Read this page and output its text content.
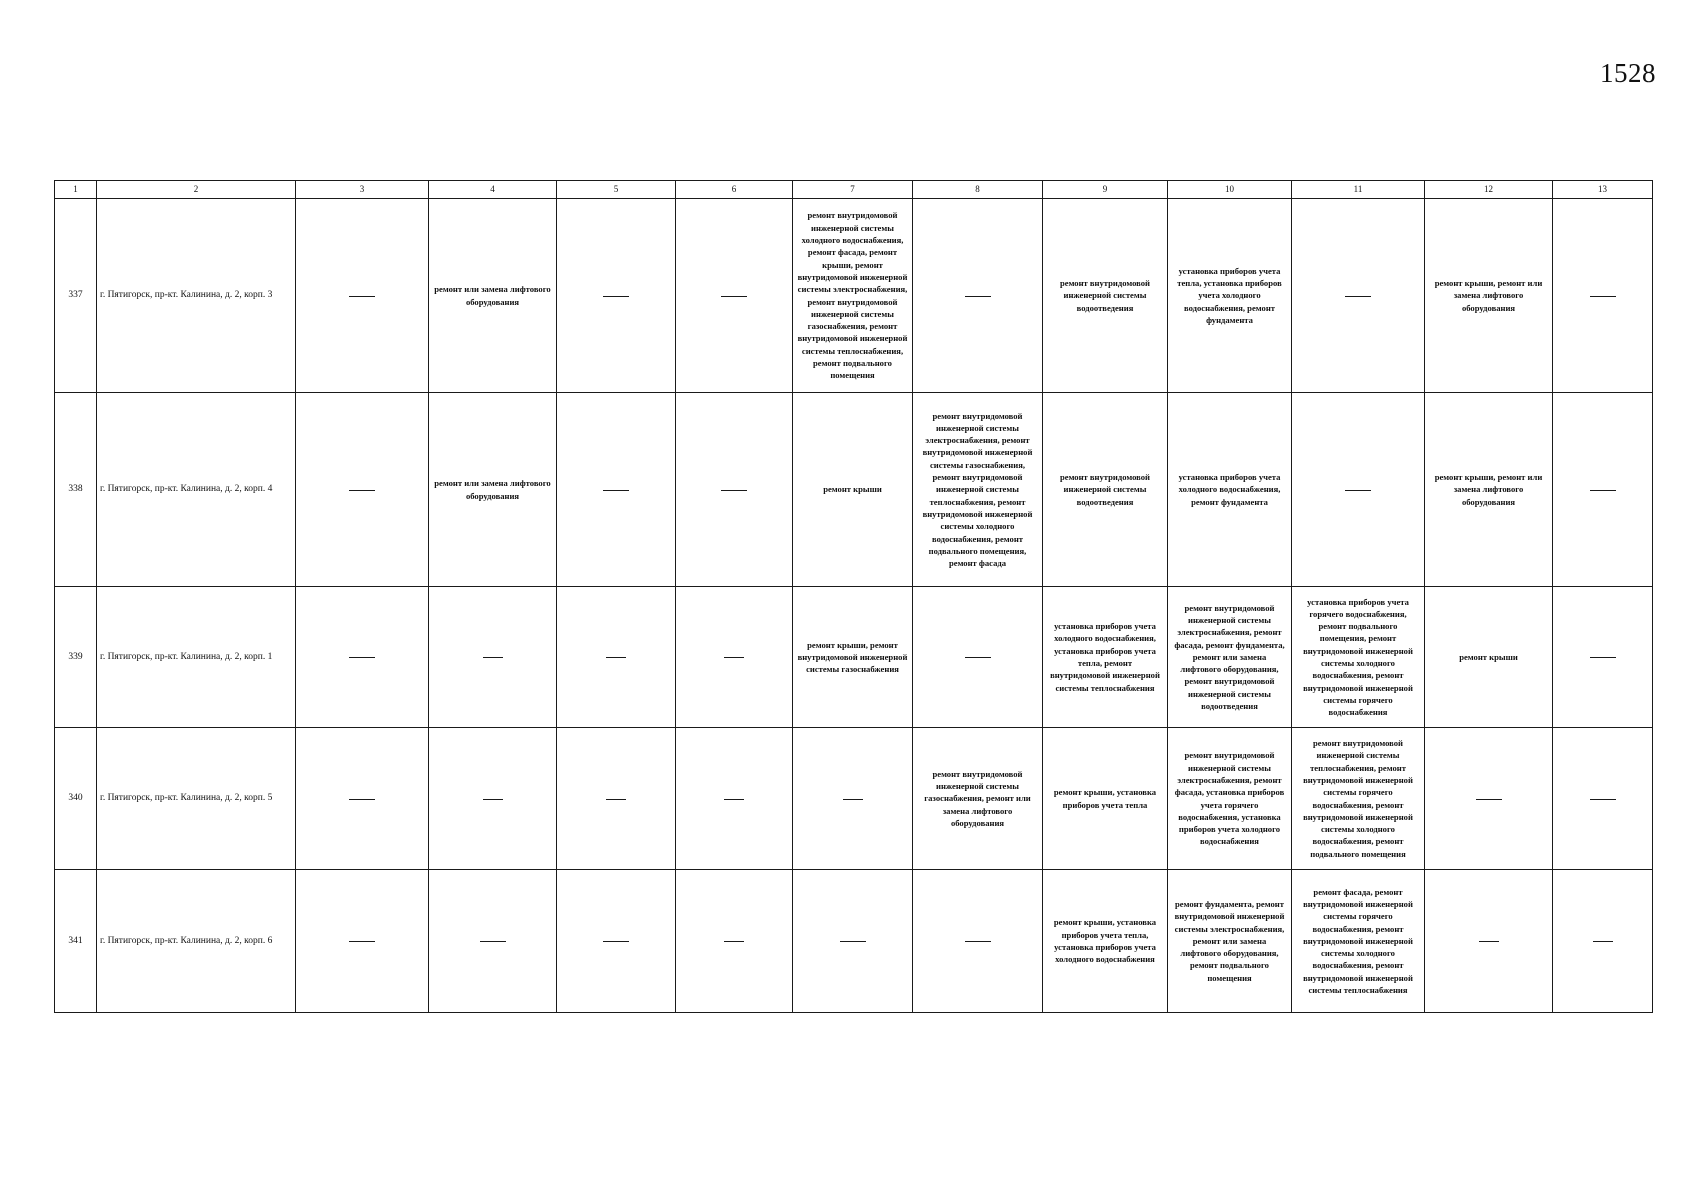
1528
1	2	3	4	5	6	7	8	9	10	11	12	13
337	г. Пятигорск, пр-кт. Калинина, д. 2, корп. 3		ремонт или замена лифтового оборудования			ремонт внутридомовой инженерной системы холодного водоснабжения, ремонт фасада, ремонт крыши, ремонт внутридомовой инженерной системы электроснабжения, ремонт внутридомовой инженерной системы газоснабжения, ремонт внутридомовой инженерной системы теплоснабжения, ремонт подвального помещения		ремонт внутридомовой инженерной системы водоотведения	установка приборов учета тепла, установка приборов учета холодного водоснабжения, ремонт фундамента		ремонт крыши, ремонт или замена лифтового оборудования	
338	г. Пятигорск, пр-кт. Калинина, д. 2, корп. 4		ремонт или замена лифтового оборудования			ремонт крыши	ремонт внутридомовой инженерной системы электроснабжения, ремонт внутридомовой инженерной системы газоснабжения, ремонт внутридомовой инженерной системы теплоснабжения, ремонт внутридомовой инженерной системы холодного водоснабжения, ремонт подвального помещения, ремонт фасада	ремонт внутридомовой инженерной системы водоотведения	установка приборов учета холодного водоснабжения, ремонт фундамента		ремонт крыши, ремонт или замена лифтового оборудования	
339	г. Пятигорск, пр-кт. Калинина, д. 2, корп. 1					ремонт крыши, ремонт внутридомовой инженерной системы газоснабжения		установка приборов учета холодного водоснабжения, установка приборов учета тепла, ремонт внутридомовой инженерной системы теплоснабжения	ремонт внутридомовой инженерной системы электроснабжения, ремонт фасада, ремонт фундамента, ремонт или замена лифтового оборудования, ремонт внутридомовой инженерной системы водоотведения	установка приборов учета горячего водоснабжения, ремонт подвального помещения, ремонт внутридомовой инженерной системы холодного водоснабжения, ремонт внутридомовой инженерной системы горячего водоснабжения	ремонт крыши	
340	г. Пятигорск, пр-кт. Калинина, д. 2, корп. 5						ремонт внутридомовой инженерной системы газоснабжения, ремонт или замена лифтового оборудования	ремонт крыши, установка приборов учета тепла	ремонт внутридомовой инженерной системы электроснабжения, ремонт фасада, установка приборов учета горячего водоснабжения, установка приборов учета холодного водоснабжения	ремонт внутридомовой инженерной системы теплоснабжения, ремонт внутридомовой инженерной системы горячего водоснабжения, ремонт внутридомовой инженерной системы холодного водоснабжения, ремонт подвального помещения		
341	г. Пятигорск, пр-кт. Калинина, д. 2, корп. 6							ремонт крыши, установка приборов учета тепла, установка приборов учета холодного водоснабжения	ремонт фундамента, ремонт внутридомовой инженерной системы электроснабжения, ремонт или замена лифтового оборудования, ремонт подвального помещения	ремонт фасада, ремонт внутридомовой инженерной системы горячего водоснабжения, ремонт внутридомовой инженерной системы холодного водоснабжения, ремонт внутридомовой инженерной системы теплоснабжения		
